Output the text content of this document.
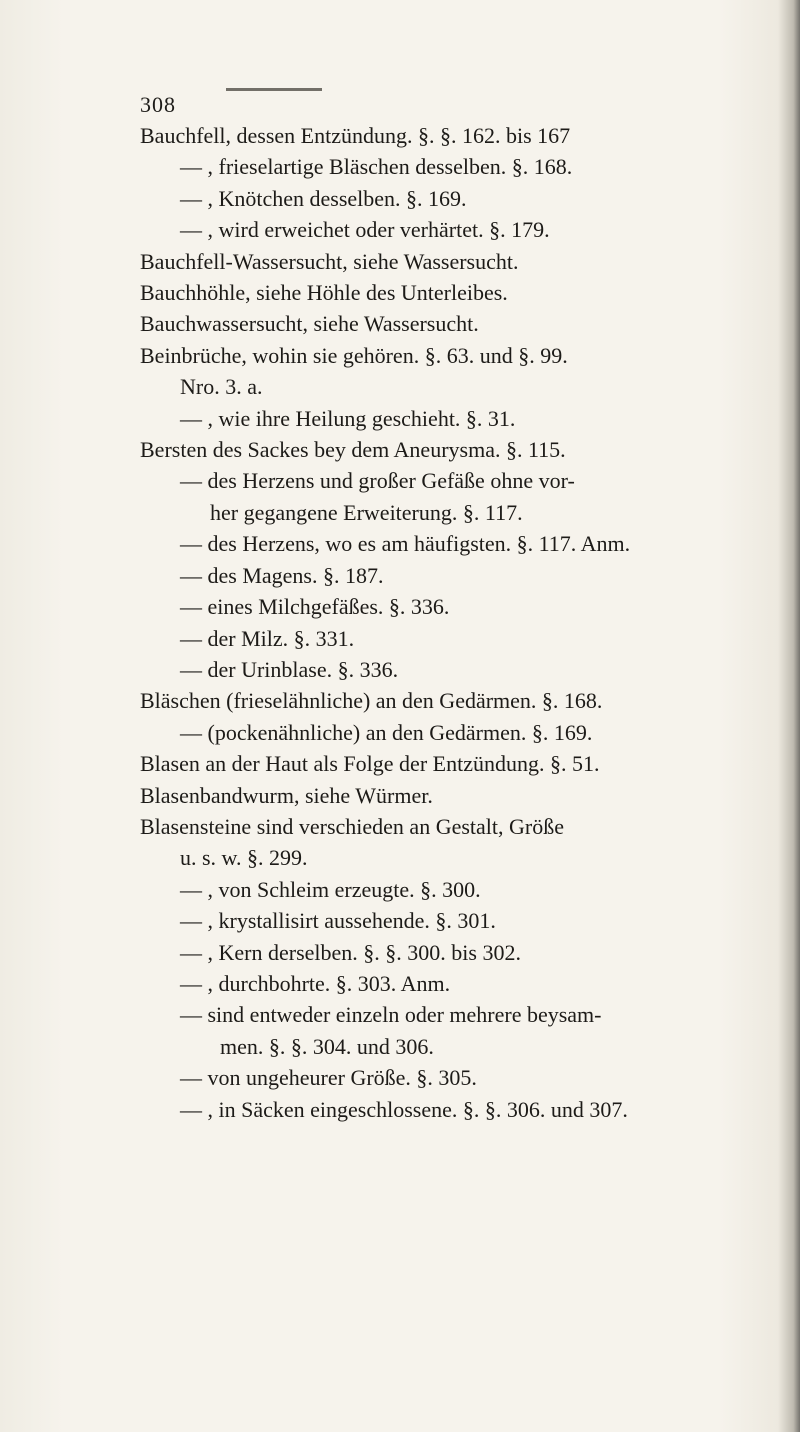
308
Bauchfell, dessen Entzündung. §. §. 162. bis 167
— , frieselartige Bläschen desselben. §. 168.
— , Knötchen desselben. §. 169.
— , wird erweichet oder verhärtet. §. 179.
Bauchfell-Wassersucht, siehe Wassersucht.
Bauchhöhle, siehe Höhle des Unterleibes.
Bauchwassersucht, siehe Wassersucht.
Beinbrüche, wohin sie gehören. §. 63. und §. 99.
Nro. 3. a.
— , wie ihre Heilung geschieht. §. 31.
Bersten des Sackes bey dem Aneurysma. §. 115.
— des Herzens und großer Gefäße ohne vor-
her gegangene Erweiterung. §. 117.
— des Herzens, wo es am häufigsten. §. 117. Anm.
— des Magens. §. 187.
— eines Milchgefäßes. §. 336.
— der Milz. §. 331.
— der Urinblase. §. 336.
Bläschen (frieselähnliche) an den Gedärmen. §. 168.
— (pockenähnliche) an den Gedärmen. §. 169.
Blasen an der Haut als Folge der Entzündung. §. 51.
Blasenbandwurm, siehe Würmer.
Blasensteine sind verschieden an Gestalt, Größe
u. s. w. §. 299.
— , von Schleim erzeugte. §. 300.
— , krystallisirt aussehende. §. 301.
— , Kern derselben. §. §. 300. bis 302.
— , durchbohrte. §. 303. Anm.
— sind entweder einzeln oder mehrere beysam-
men. §. §. 304. und 306.
— von ungeheurer Größe. §. 305.
— , in Säcken eingeschlossene. §. §. 306. und 307.
